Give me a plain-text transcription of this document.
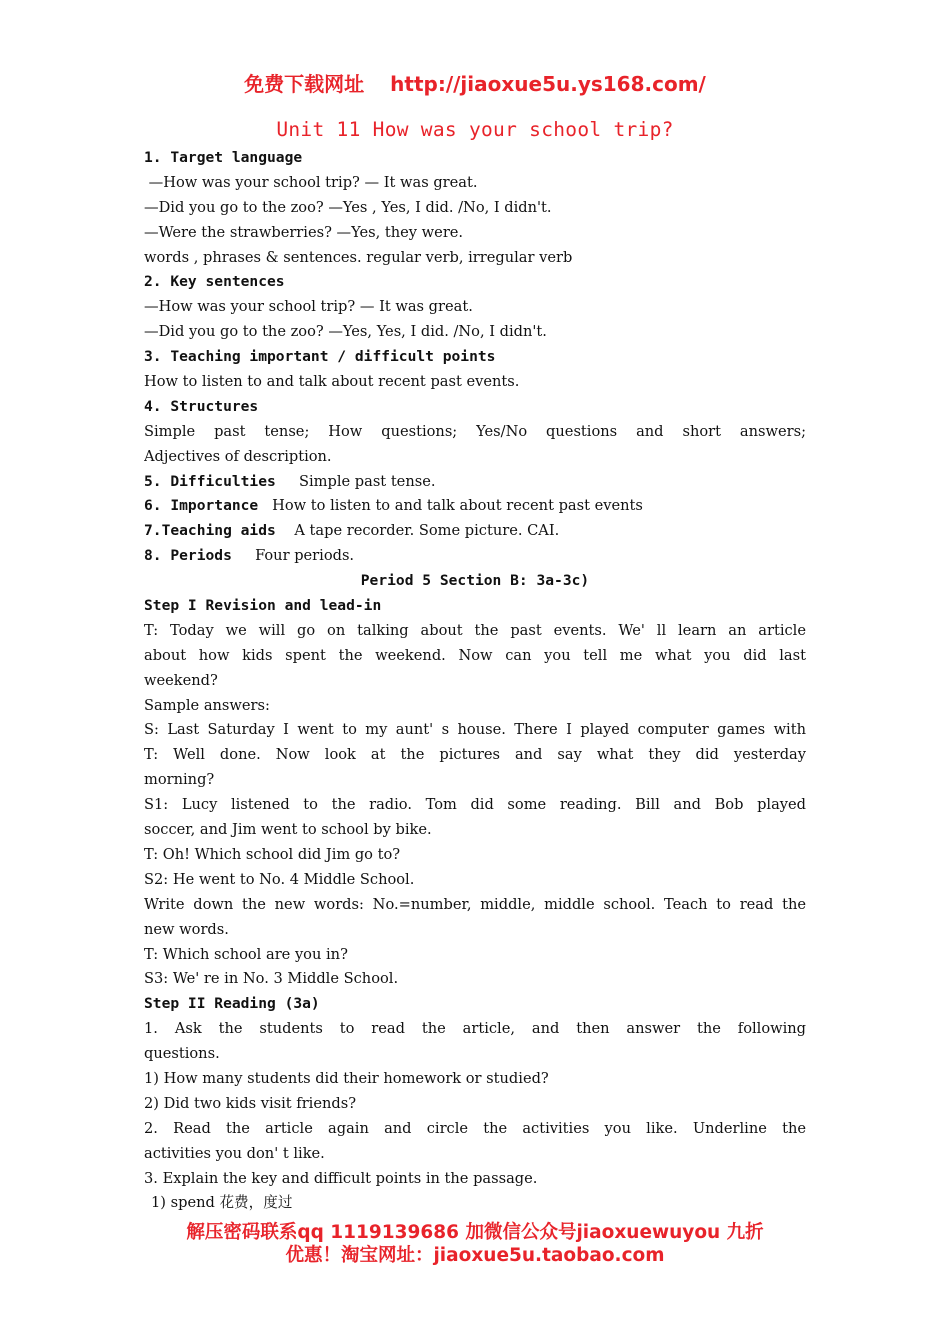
免费下载网址 http://jiaoxue5u.ys168.com/
Unit 11 How was your school trip?
1. Target language
—How was your school trip? — It was great.
—Did you go to the zoo? —Yes , Yes, I did. /No, I didn't.
—Were the strawberries? —Yes, they were.
words , phrases & sentences. regular verb, irregular verb
2. Key sentences
—How was your school trip? — It was great.
—Did you go to the zoo? —Yes, Yes, I did. /No, I didn't.
3. Teaching important / difficult points
How to listen to and talk about recent past events.
4. Structures
Simple past tense; How questions; Yes/No questions and short answers;
Adjectives of description.
5. Difficulties     Simple past tense.
6. Importance   How to listen to and talk about recent past events
7.Teaching aids    A tape recorder. Some picture. CAI.
8. Periods     Four periods.
Period 5 Section B: 3a-3c)
Step I Revision and lead-in
T: Today we will go on talking about the past events. We' ll learn an article
about how kids spent the weekend. Now can you tell me what you did last
weekend?
Sample answers:
S: Last Saturday I went to my aunt' s house. There I played computer games with
T: Well done. Now look at the pictures and say what they did yesterday
morning?
S1: Lucy listened to the radio. Tom did some reading. Bill and Bob played
soccer, and Jim went to school by bike.
T: Oh! Which school did Jim go to?
S2: He went to No. 4 Middle School.
Write down the new words: No.=number, middle, middle school. Teach to read the
new words.
T: Which school are you in?
S3: We' re in No. 3 Middle School.
Step II Reading (3a)
1. Ask the students to read the article, and then answer the following
questions.
1) How many students did their homework or studied?
2) Did two kids visit friends?
2. Read the article again and circle the activities you like. Underline the
activities you don' t like.
3. Explain the key and difficult points in the passage.
1) spend 花费，度过
解压密码联系qq 1119139686 加微信公众号jiaoxuewuyou 九折
优惠！淘宝网址：jiaoxue5u.taobao.com
